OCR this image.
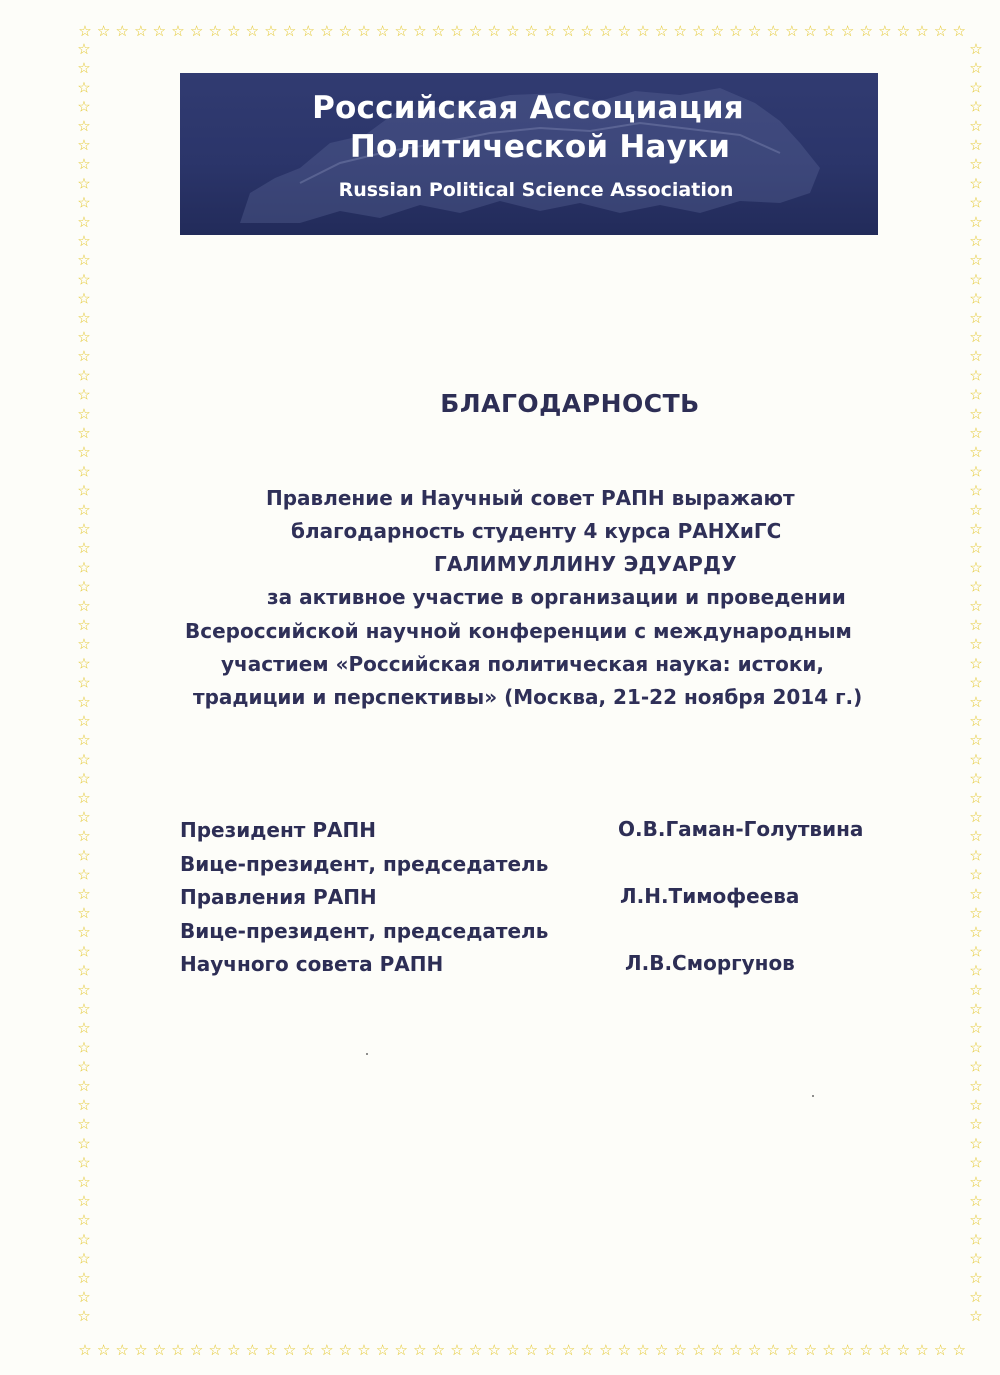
☆ ☆ ☆ ☆ ☆ ☆ ☆ ☆ ☆ ☆ ☆ ☆ ☆ ☆ ☆ ☆ ☆ ☆ ☆ ☆ ☆ ☆ ☆ ☆ ☆ ☆ ☆ ☆ ☆ ☆ ☆ ☆ ☆ ☆ ☆ ☆ ☆ ☆ ☆ ☆ ☆ ☆ ☆ ☆ ☆ ☆ ☆ ☆
☆ ☆ ☆ ☆ ☆ ☆ ☆ ☆ ☆ ☆ ☆ ☆ ☆ ☆ ☆ ☆ ☆ ☆ ☆ ☆ ☆ ☆ ☆ ☆ ☆ ☆ ☆ ☆ ☆ ☆ ☆ ☆ ☆ ☆ ☆ ☆ ☆ ☆ ☆ ☆ ☆ ☆ ☆ ☆ ☆ ☆ ☆ ☆
☆
☆
☆
☆
☆
☆
☆
☆
☆
☆
☆
☆
☆
☆
☆
☆
☆
☆
☆
☆
☆
☆
☆
☆
☆
☆
☆
☆
☆
☆
☆
☆
☆
☆
☆
☆
☆
☆
☆
☆
☆
☆
☆
☆
☆
☆
☆
☆
☆
☆
☆
☆
☆
☆
☆
☆
☆
☆
☆
☆
☆
☆
☆
☆
☆
☆
☆
☆
☆
☆
☆
☆
☆
☆
☆
☆
☆
☆
☆
☆
☆
☆
☆
☆
☆
☆
☆
☆
☆
☆
☆
☆
☆
☆
☆
☆
☆
☆
☆
☆
☆
☆
☆
☆
☆
☆
☆
☆
☆
☆
☆
☆
☆
☆
☆
☆
☆
☆
☆
☆
☆
☆
☆
☆
☆
☆
☆
☆
☆
☆
☆
☆
☆
☆
Российская Ассоциация
Политической Науки
Russian Political Science Association
БЛАГОДАРНОСТЬ
Правление и Научный совет РАПН выражают
благодарность студенту 4 курса РАНХиГС
ГАЛИМУЛЛИНУ ЭДУАРДУ
за активное участие в организации и проведении
Всероссийской научной конференции с международным
участием «Российская политическая наука: истоки,
традиции и перспективы» (Москва, 21-22 ноября 2014 г.)
Президент РАПН
Вице-президент, председатель
Правления РАПН
Вице-президент, председатель
Научного совета РАПН
О.В.Гаман-Голутвина
Л.Н.Тимофеева
Л.В.Сморгунов
